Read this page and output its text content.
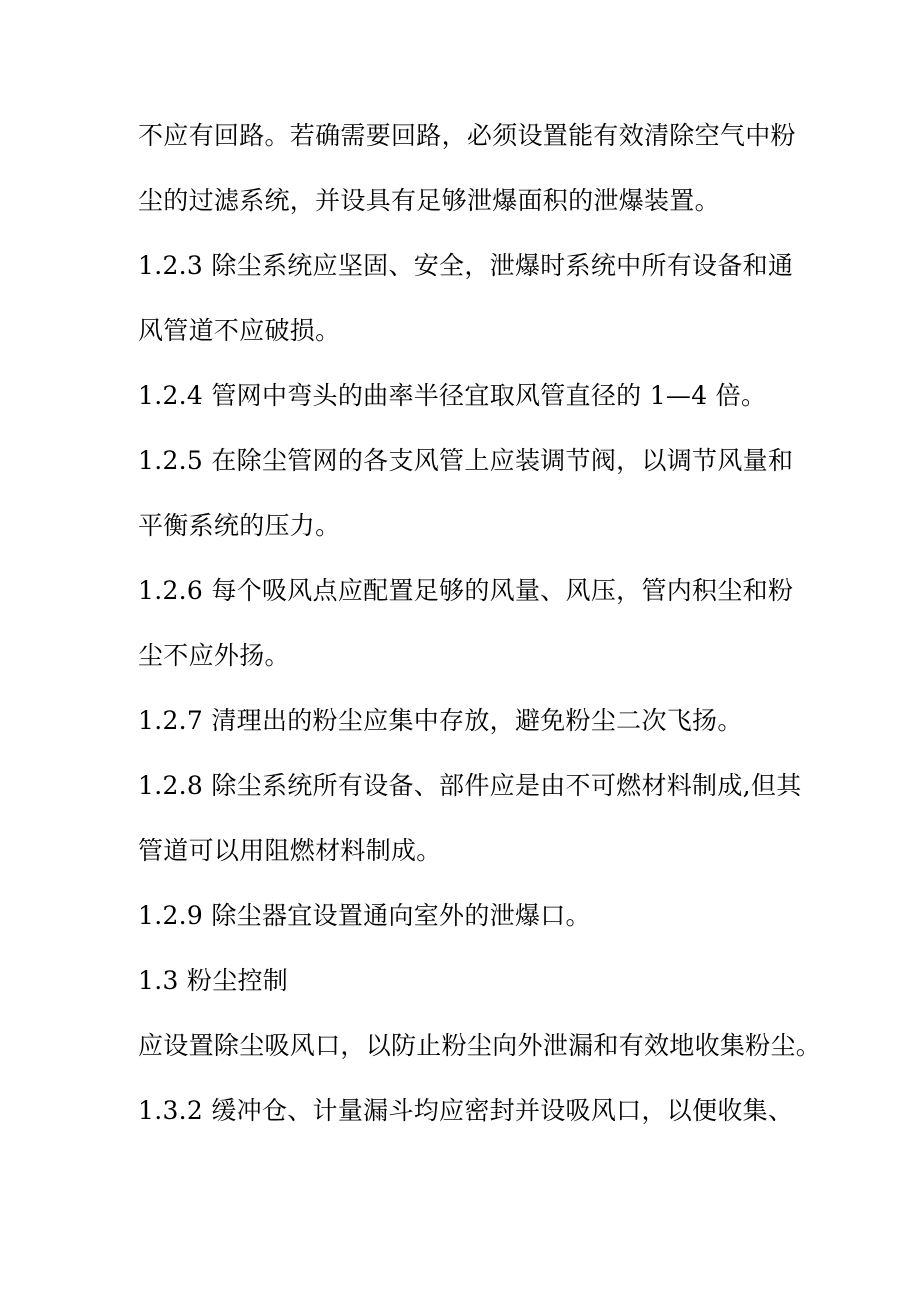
不应有回路。若确需要回路，必须设置能有效清除空气中粉
尘的过滤系统，并设具有足够泄爆面积的泄爆装置。
1.2.3 除尘系统应坚固、安全，泄爆时系统中所有设备和通
风管道不应破损。
1.2.4 管网中弯头的曲率半径宜取风管直径的 1—4 倍。
1.2.5 在除尘管网的各支风管上应装调节阀，以调节风量和
平衡系统的压力。
1.2.6 每个吸风点应配置足够的风量、风压，管内积尘和粉
尘不应外扬。
1.2.7 清理出的粉尘应集中存放，避免粉尘二次飞扬。
1.2.8 除尘系统所有设备、部件应是由不可燃材料制成,但其
管道可以用阻燃材料制成。
1.2.9 除尘器宜设置通向室外的泄爆口。
1.3 粉尘控制
应设置除尘吸风口，以防止粉尘向外泄漏和有效地收集粉尘。
1.3.2 缓冲仓、计量漏斗均应密封并设吸风口，以便收集、
